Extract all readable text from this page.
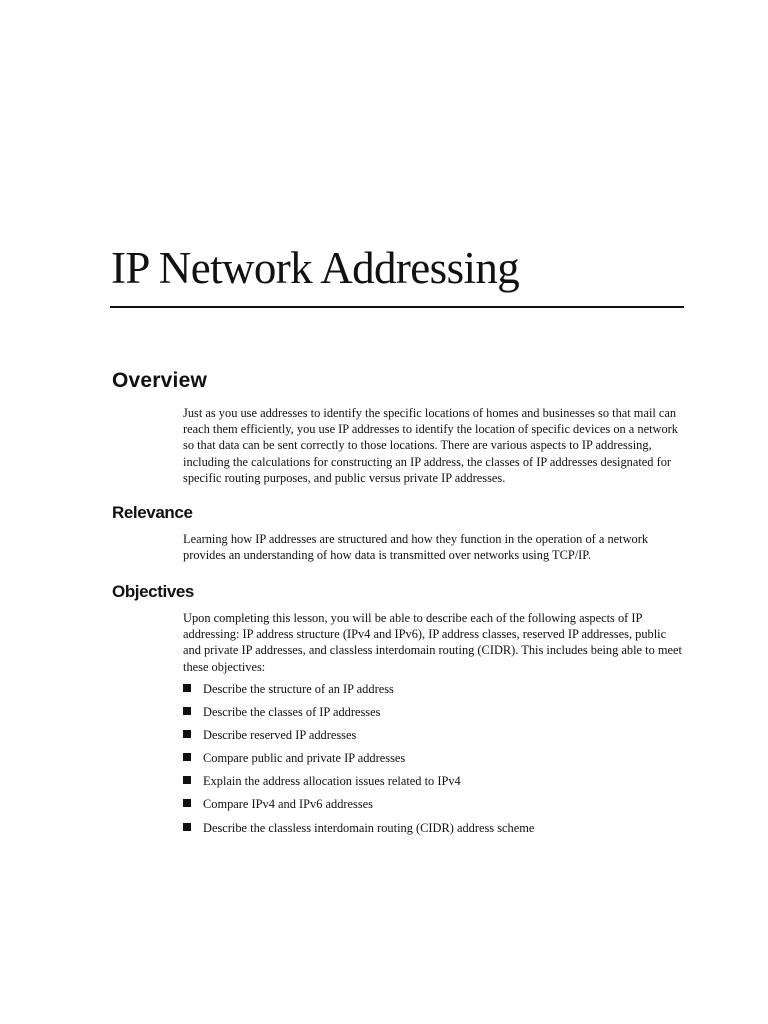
IP Network Addressing
Overview

Just as you use addresses to identify the specific locations of homes and businesses so that mail can reach them efficiently, you use IP addresses to identify the location of specific devices on a network so that data can be sent correctly to those locations. There are various aspects to IP addressing, including the calculations for constructing an IP address, the classes of IP addresses designated for specific routing purposes, and public versus private IP addresses.

Relevance

Learning how IP addresses are structured and how they function in the operation of a network provides an understanding of how data is transmitted over networks using TCP/IP.

Objectives

Upon completing this lesson, you will be able to describe each of the following aspects of IP addressing: IP address structure (IPv4 and IPv6), IP address classes, reserved IP addresses, public and private IP addresses, and classless interdomain routing (CIDR). This includes being able to meet these objectives:

Describe the structure of an IP address
Describe the classes of IP addresses
Describe reserved IP addresses
Compare public and private IP addresses
Explain the address allocation issues related to IPv4
Compare IPv4 and IPv6 addresses
Describe the classless interdomain routing (CIDR) address scheme
